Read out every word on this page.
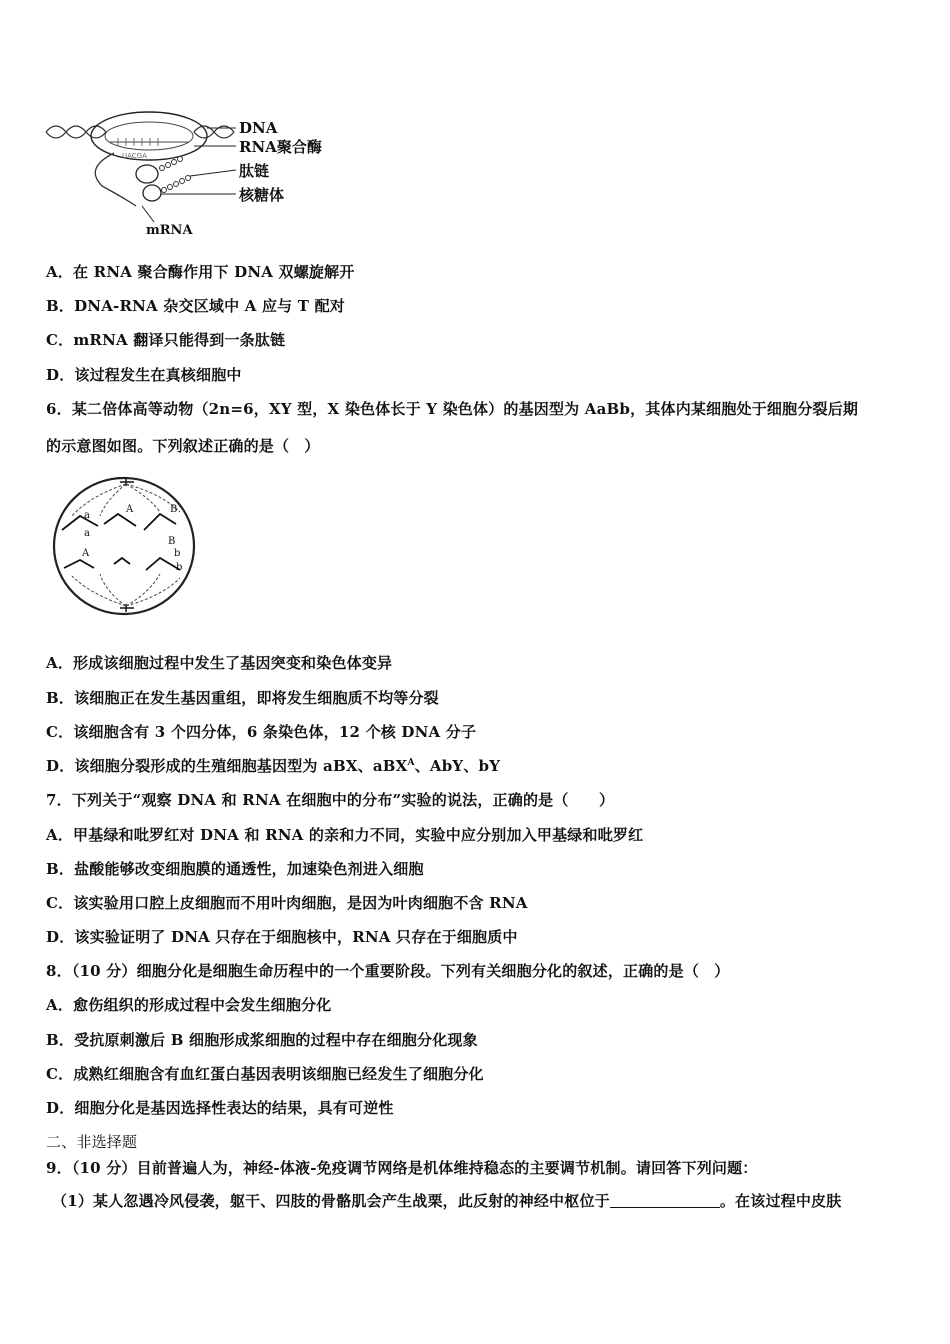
UACGA
DNA
RNA聚合酶
肽链
核糖体
mRNA
A．在 RNA 聚合酶作用下 DNA 双螺旋解开
B．DNA-RNA 杂交区域中 A 应与 T 配对
C．mRNA 翻译只能得到一条肽链
D．该过程发生在真核细胞中
6．某二倍体高等动物（2n=6，XY 型，X 染色体长于 Y 染色体）的基因型为 AaBb，其体内某细胞处于细胞分裂后期
的示意图如图。下列叙述正确的是（　）
a
a
A	B
A
B
b
b
A．形成该细胞过程中发生了基因突变和染色体变异
B．该细胞正在发生基因重组，即将发生细胞质不均等分裂
C．该细胞含有 3 个四分体，6 条染色体，12 个核 DNA 分子
D．该细胞分裂形成的生殖细胞基因型为 aBX、aBX$^A$、AbY、bY
7．下列关于“观察 DNA 和 RNA 在细胞中的分布”实验的说法，正确的是（　　）
A．甲基绿和吡罗红对 DNA 和 RNA 的亲和力不同，实验中应分别加入甲基绿和吡罗红
B．盐酸能够改变细胞膜的通透性，加速染色剂进入细胞
C．该实验用口腔上皮细胞而不用叶肉细胞，是因为叶肉细胞不含 RNA
D．该实验证明了 DNA 只存在于细胞核中，RNA 只存在于细胞质中
8．（10 分）细胞分化是细胞生命历程中的一个重要阶段。下列有关细胞分化的叙述，正确的是（　）
A．愈伤组织的形成过程中会发生细胞分化
B．受抗原刺激后 B 细胞形成浆细胞的过程中存在细胞分化现象
C．成熟红细胞含有血红蛋白基因表明该细胞已经发生了细胞分化
D．细胞分化是基因选择性表达的结果，具有可逆性
二、非选择题
9．（10 分）目前普遍人为，神经-体液-免疫调节网络是机体维持稳态的主要调节机制。请回答下列问题：
（1）某人忽遇冷风侵袭，躯干、四肢的骨骼肌会产生战栗，此反射的神经中枢位于	。在该过程中皮肤
